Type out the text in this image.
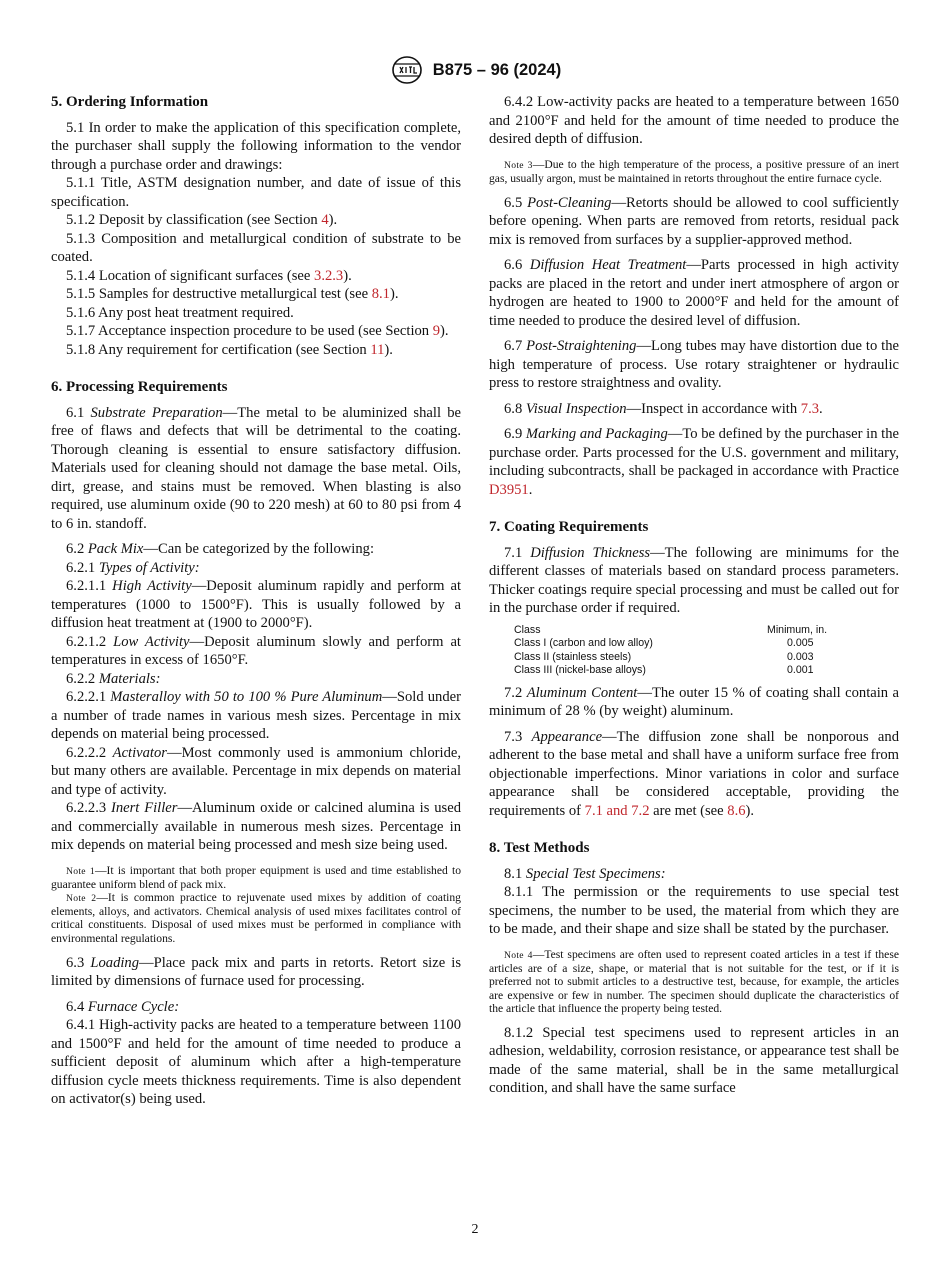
B875 – 96 (2024)
5. Ordering Information

5.1 In order to make the application of this specification complete, the purchaser shall supply the following information to the vendor through a purchase order and drawings:

5.1.1 Title, ASTM designation number, and date of issue of this specification.

5.1.2 Deposit by classification (see Section 4).

5.1.3 Composition and metallurgical condition of substrate to be coated.

5.1.4 Location of significant surfaces (see 3.2.3).

5.1.5 Samples for destructive metallurgical test (see 8.1).

5.1.6 Any post heat treatment required.

5.1.7 Acceptance inspection procedure to be used (see Section 9).

5.1.8 Any requirement for certification (see Section 11).

6. Processing Requirements

6.1 Substrate Preparation—The metal to be aluminized shall be free of flaws and defects that will be detrimental to the coating. Thorough cleaning is essential to ensure satisfactory diffusion. Materials used for cleaning should not damage the base metal. Oils, dirt, grease, and stains must be removed. When blasting is also required, use aluminum oxide (90 to 220 mesh) at 60 to 80 psi from 4 to 6 in. standoff.

6.2 Pack Mix—Can be categorized by the following:

6.2.1 Types of Activity:

6.2.1.1 High Activity—Deposit aluminum rapidly and perform at temperatures (1000 to 1500°F). This is usually followed by a diffusion heat treatment at (1900 to 2000°F).

6.2.1.2 Low Activity—Deposit aluminum slowly and perform at temperatures in excess of 1650°F.

6.2.2 Materials:

6.2.2.1 Masteralloy with 50 to 100 % Pure Aluminum—Sold under a number of trade names in various mesh sizes. Percentage in mix depends on material being processed.

6.2.2.2 Activator—Most commonly used is ammonium chloride, but many others are available. Percentage in mix depends on material and type of activity.

6.2.2.3 Inert Filler—Aluminum oxide or calcined alumina is used and commercially available in numerous mesh sizes. Percentage in mix depends on material being processed and mesh size being used.

Note 1—It is important that both proper equipment is used and time established to guarantee uniform blend of pack mix.

Note 2—It is common practice to rejuvenate used mixes by addition of coating elements, alloys, and activators. Chemical analysis of used mixes facilitates control of critical constituents. Disposal of used mixes must be performed in compliance with environmental regulations.

6.3 Loading—Place pack mix and parts in retorts. Retort size is limited by dimensions of furnace used for processing.

6.4 Furnace Cycle:

6.4.1 High-activity packs are heated to a temperature between 1100 and 1500°F and held for the amount of time needed to produce a sufficient deposit of aluminum which after a high-temperature diffusion cycle meets thickness requirements. Time is also dependent on activator(s) being used.

6.4.2 Low-activity packs are heated to a temperature between 1650 and 2100°F and held for the amount of time needed to produce the desired depth of diffusion.

Note 3—Due to the high temperature of the process, a positive pressure of an inert gas, usually argon, must be maintained in retorts throughout the entire furnace cycle.

6.5 Post-Cleaning—Retorts should be allowed to cool sufficiently before opening. When parts are removed from retorts, residual pack mix is removed from surfaces by a supplier-approved method.

6.6 Diffusion Heat Treatment—Parts processed in high activity packs are placed in the retort and under inert atmosphere of argon or hydrogen are heated to 1900 to 2000°F and held for the amount of time needed to produce the desired level of diffusion.

6.7 Post-Straightening—Long tubes may have distortion due to the high temperature of process. Use rotary straightener or hydraulic press to restore straightness and ovality.

6.8 Visual Inspection—Inspect in accordance with 7.3.

6.9 Marking and Packaging—To be defined by the purchaser in the purchase order. Parts processed for the U.S. government and military, including subcontracts, shall be packaged in accordance with Practice D3951.

7. Coating Requirements

7.1 Diffusion Thickness—The following are minimums for the different classes of materials based on standard process parameters. Thicker coatings require special processing and must be called out for in the purchase order if required.

Class	Minimum, in.
Class I (carbon and low alloy)	0.005
Class II (stainless steels)	0.003
Class III (nickel-base alloys)	0.001

7.2 Aluminum Content—The outer 15 % of coating shall contain a minimum of 28 % (by weight) aluminum.

7.3 Appearance—The diffusion zone shall be nonporous and adherent to the base metal and shall have a uniform surface free from objectionable imperfections. Minor variations in color and surface appearance shall be considered acceptable, providing the requirements of 7.1 and 7.2 are met (see 8.6).

8. Test Methods

8.1 Special Test Specimens:

8.1.1 The permission or the requirements to use special test specimens, the number to be used, the material from which they are to be made, and their shape and size shall be stated by the purchaser.

Note 4—Test specimens are often used to represent coated articles in a test if these articles are of a size, shape, or material that is not suitable for the test, or if it is preferred not to submit articles to a destructive test, because, for example, the articles are expensive or few in number. The specimen should duplicate the characteristics of the article that influence the property being tested.

8.1.2 Special test specimens used to represent articles in an adhesion, weldability, corrosion resistance, or appearance test shall be made of the same material, shall be in the same metallurgical condition, and shall have the same surface

2
